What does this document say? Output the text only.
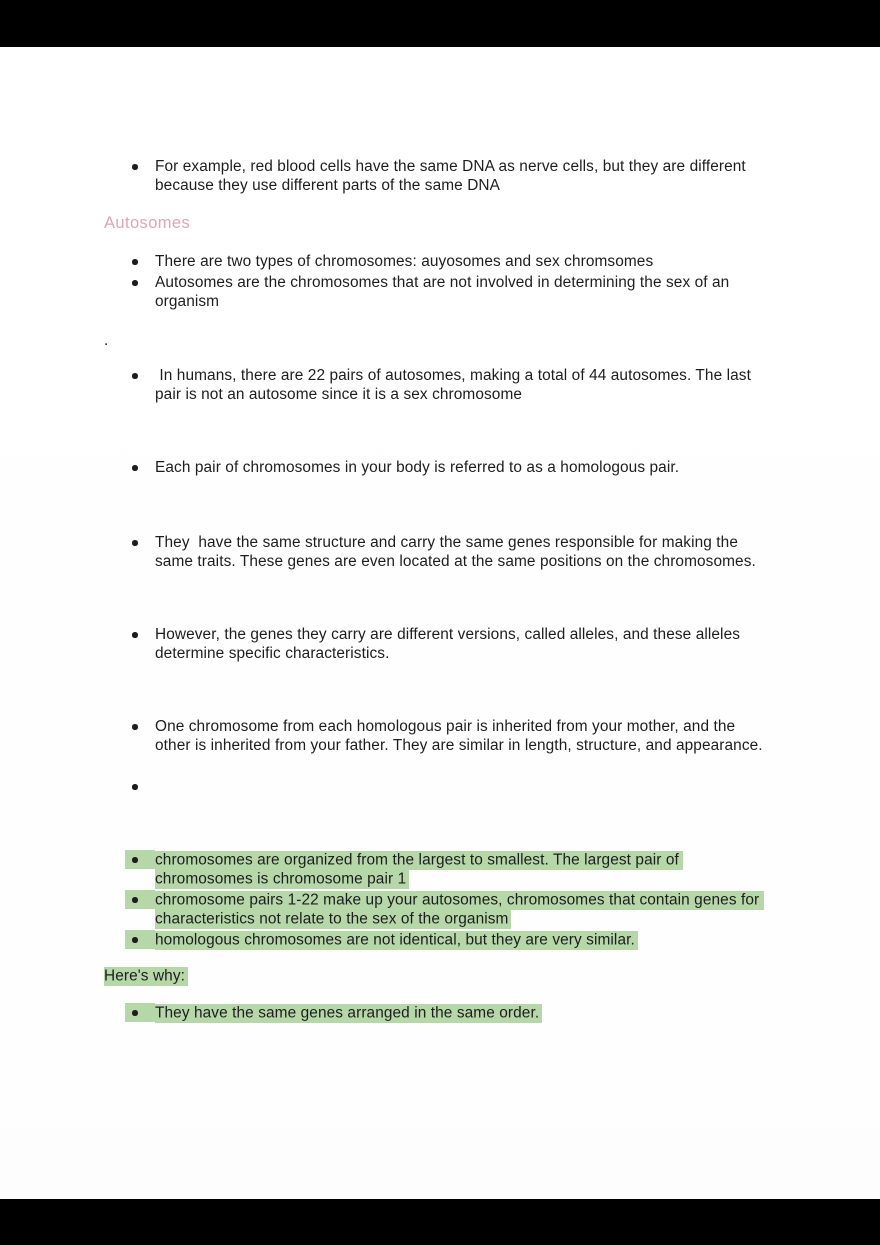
For example, red blood cells have the same DNA as nerve cells, but they are different because they use different parts of the same DNA
Autosomes
There are two types of chromosomes: auyosomes and sex chromsomes
Autosomes are the chromosomes that are not involved in determining the sex of an organism
.
In humans, there are 22 pairs of autosomes, making a total of 44 autosomes. The last pair is not an autosome since it is a sex chromosome
Each pair of chromosomes in your body is referred to as a homologous pair.
They  have the same structure and carry the same genes responsible for making the same traits. These genes are even located at the same positions on the chromosomes.
However, the genes they carry are different versions, called alleles, and these alleles determine specific characteristics.
One chromosome from each homologous pair is inherited from your mother, and the other is inherited from your father. They are similar in length, structure, and appearance.
chromosomes are organized from the largest to smallest. The largest pair of chromosomes is chromosome pair 1
chromosome pairs 1-22 make up your autosomes, chromosomes that contain genes for characteristics not relate to the sex of the organism
homologous chromosomes are not identical, but they are very similar.
Here's why:
They have the same genes arranged in the same order.
